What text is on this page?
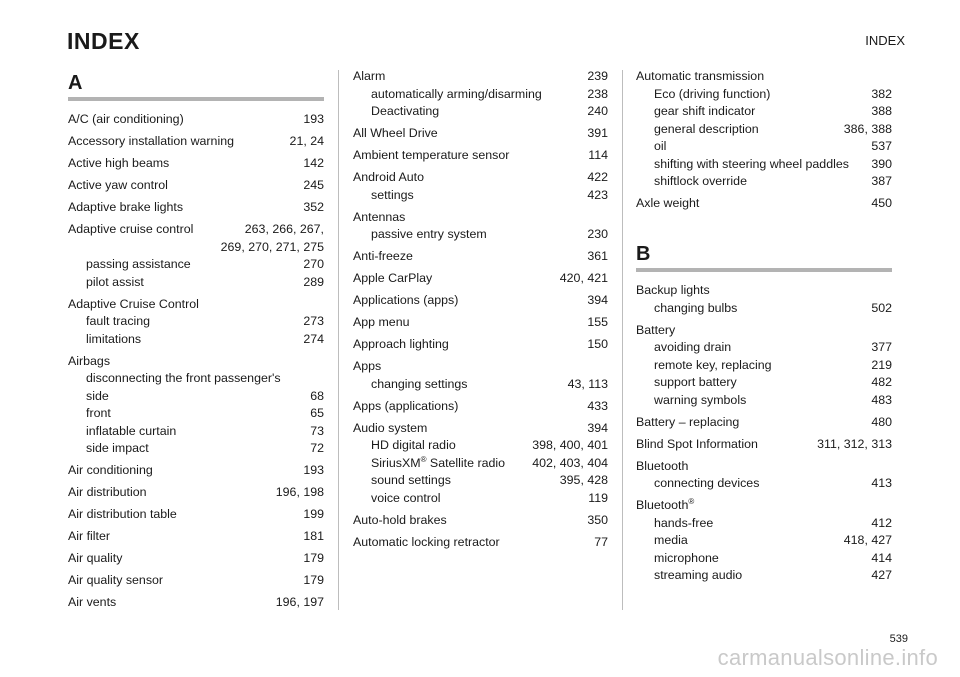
INDEX	INDEX
A
A/C (air conditioning)	193
Accessory installation warning	21, 24
Active high beams	142
Active yaw control	245
Adaptive brake lights	352
Adaptive cruise control	263, 266, 267,
269, 270, 271, 275
passing assistance	270
pilot assist	289
Adaptive Cruise Control
fault tracing	273
limitations	274
Airbags
disconnecting the front passenger's
side	68
front	65
inflatable curtain	73
side impact	72
Air conditioning	193
Air distribution	196, 198
Air distribution table	199
Air filter	181
Air quality	179
Air quality sensor	179
Air vents	196, 197
Alarm	239
automatically arming/disarming	238
Deactivating	240
All Wheel Drive	391
Ambient temperature sensor	114
Android Auto	422
settings	423
Antennas
passive entry system	230
Anti-freeze	361
Apple CarPlay	420, 421
Applications (apps)	394
App menu	155
Approach lighting	150
Apps
changing settings	43, 113
Apps (applications)	433
Audio system	394
HD digital radio	398, 400, 401
SiriusXM® Satellite radio	402, 403, 404
sound settings	395, 428
voice control	119
Auto-hold brakes	350
Automatic locking retractor	77
Automatic transmission
Eco (driving function)	382
gear shift indicator	388
general description	386, 388
oil	537
shifting with steering wheel paddles	390
shiftlock override	387
Axle weight	450
B
Backup lights
changing bulbs	502
Battery
avoiding drain	377
remote key, replacing	219
support battery	482
warning symbols	483
Battery – replacing	480
Blind Spot Information	311, 312, 313
Bluetooth
connecting devices	413
Bluetooth®
hands-free	412
media	418, 427
microphone	414
streaming audio	427
539
carmanualsonline.info
